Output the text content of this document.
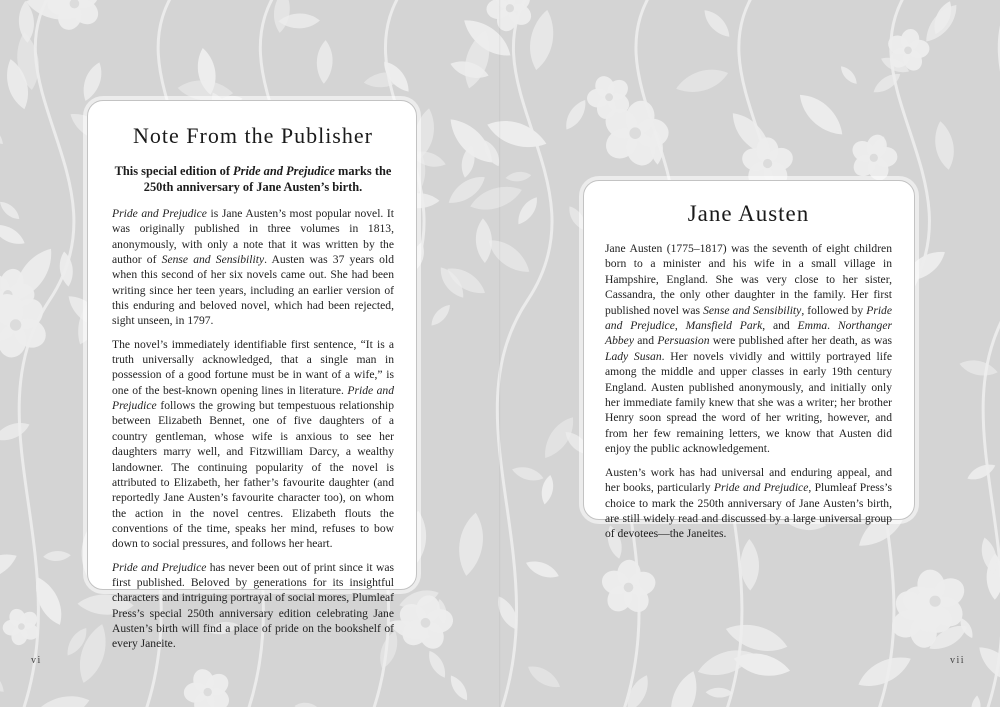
Note From the Publisher

This special edition of Pride and Prejudice marks the 250th anniversary of Jane Austen’s birth.

Pride and Prejudice is Jane Austen’s most popular novel. It was originally published in three volumes in 1813, anonymously, with only a note that it was written by the author of Sense and Sensibility. Austen was 37 years old when this second of her six novels came out. She had been writing since her teen years, including an earlier version of this enduring and beloved novel, which had been rejected, sight unseen, in 1797.

The novel’s immediately identifiable first sentence, “It is a truth universally acknowledged, that a single man in possession of a good fortune must be in want of a wife,” is one of the best-known opening lines in literature. Pride and Prejudice follows the growing but tempestuous relationship between Elizabeth Bennet, one of five daughters of a country gentleman, whose wife is anxious to see her daughters marry well, and Fitzwilliam Darcy, a wealthy landowner. The continuing popularity of the novel is attributed to Elizabeth, her father’s favourite daughter (and reportedly Jane Austen’s favourite character too), on whom the action in the novel centres. Elizabeth flouts the conventions of the time, speaks her mind, refuses to bow down to social pressures, and follows her heart.

Pride and Prejudice has never been out of print since it was first published. Beloved by generations for its insightful characters and intriguing portrayal of social mores, Plumleaf Press’s special 250th anniversary edition celebrating Jane Austen’s birth will find a place of pride on the bookshelf of every Janeite.

Jane Austen

Jane Austen (1775–1817) was the seventh of eight children born to a minister and his wife in a small village in Hampshire, England. She was very close to her sister, Cassandra, the only other daughter in the family. Her first published novel was Sense and Sensibility, followed by Pride and Prejudice, Mansfield Park, and Emma. Northanger Abbey and Persuasion were published after her death, as was Lady Susan. Her novels vividly and wittily portrayed life among the middle and upper classes in early 19th century England. Austen published anonymously, and initially only her immediate family knew that she was a writer; her brother Henry soon spread the word of her writing, however, and from her few remaining letters, we know that Austen did enjoy the public acknowledgement.

Austen’s work has had universal and enduring appeal, and her books, particularly Pride and Prejudice, Plumleaf Press’s choice to mark the 250th anniversary of Jane Austen’s birth, are still widely read and discussed by a large universal group of devotees—the Janeites.

vi	vii
